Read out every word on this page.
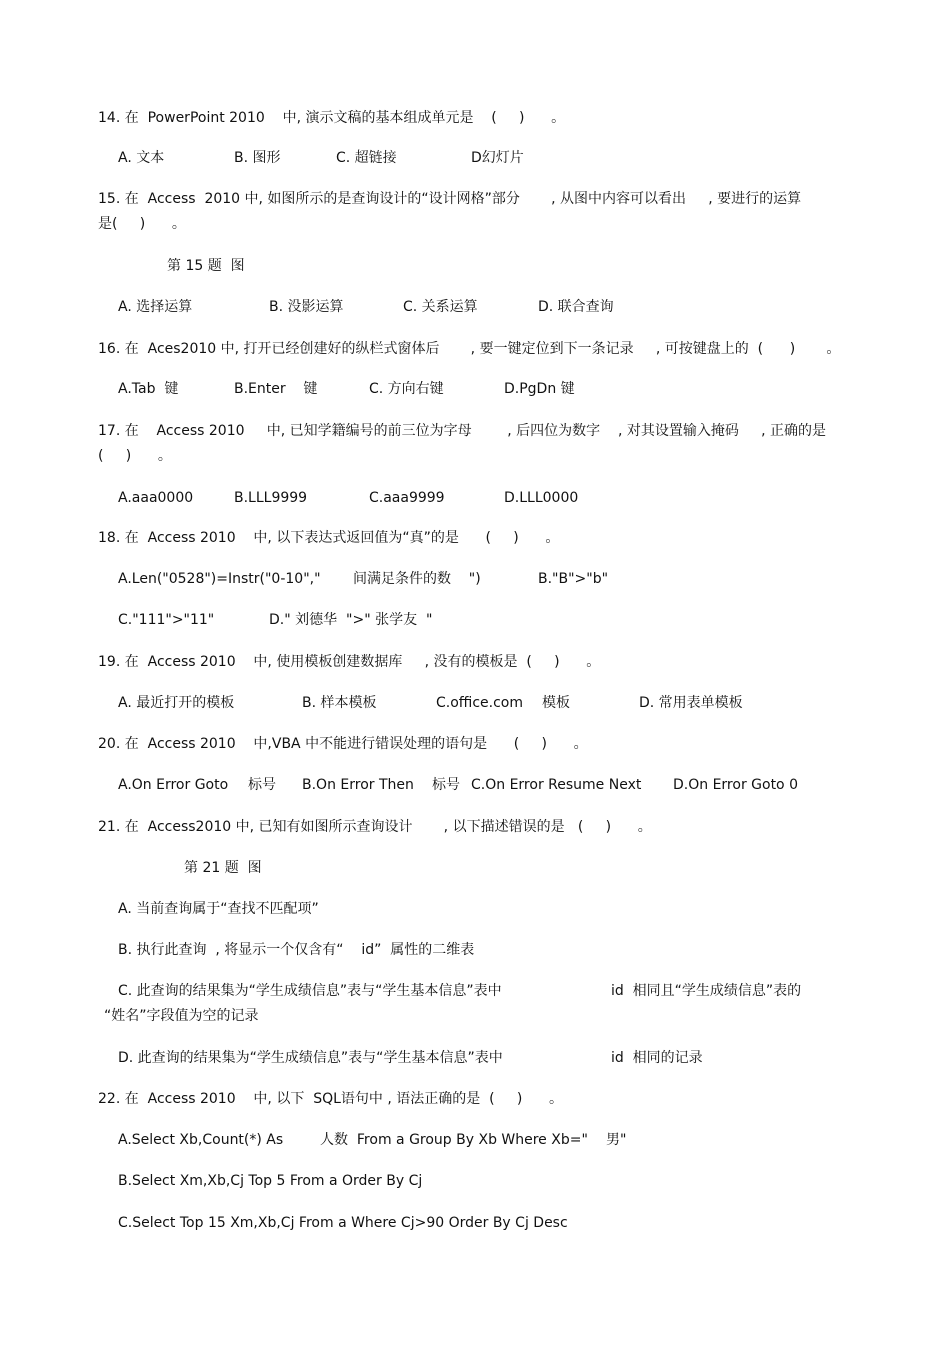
14. 在  PowerPoint 2010    中, 演示文稿的基本组成单元是    (     )      。
A. 文本	B. 图形	C. 超链接	D幻灯片
15. 在  Access  2010 中, 如图所示的是查询设计的“设计网格”部分       , 从图中内容可以看出     , 要进行的运算
是(     )      。
第 15 题  图
A. 选择运算	B. 没影运算	C. 关系运算	D. 联合查询
16. 在  Aces2010 中, 打开已经创建好的纵栏式窗体后       , 要一键定位到下一条记录     , 可按键盘上的  (      )       。
A.Tab  键	B.Enter    键	C. 方向右键	D.PgDn 键
17. 在    Access 2010     中, 已知学籍编号的前三位为字母        , 后四位为数字    , 对其设置输入掩码     , 正确的是
(     )      。
A.aaa0000	B.LLL9999	C.aaa9999	D.LLL0000
18. 在  Access 2010    中, 以下表达式返回值为“真”的是      (     )      。
A.Len("0528")=Instr("0-10"," 间满足条件的数    ")	B."B">"b"
C."111">"11"	D." 刘德华  ">" 张学友  "
19. 在  Access 2010    中, 使用模板创建数据库     , 没有的模板是  (     )      。
A. 最近打开的模板	B. 样本模板	C.office.com 模板	D. 常用表单模板
20. 在  Access 2010    中,VBA 中不能进行错误处理的语句是      (     )      。
A.On Error Goto 标号 B.On Error Then 标号 C.On Error Resume Next D.On Error Goto 0
21. 在  Access2010 中, 已知有如图所示查询设计       , 以下描述错误的是   (     )      。
第 21 题  图
A. 当前查询属于“查找不匹配项”
B. 执行此查询  , 将显示一个仅含有“    id”  属性的二维表
C. 此查询的结果集为“学生成绩信息”表与“学生基本信息”表中	id  相同且“学生成绩信息”表的
“姓名”字段值为空的记录
D. 此查询的结果集为“学生成绩信息”表与“学生基本信息”表中	id  相同的记录
22. 在  Access 2010    中, 以下  SQL语句中 , 语法正确的是  (     )      。
A.Select Xb,Count(*) As	人数  From a Group By Xb Where Xb=" 男"
B.Select Xm,Xb,Cj Top 5 From a Order By Cj
C.Select Top 15 Xm,Xb,Cj From a Where Cj>90 Order By Cj Desc
